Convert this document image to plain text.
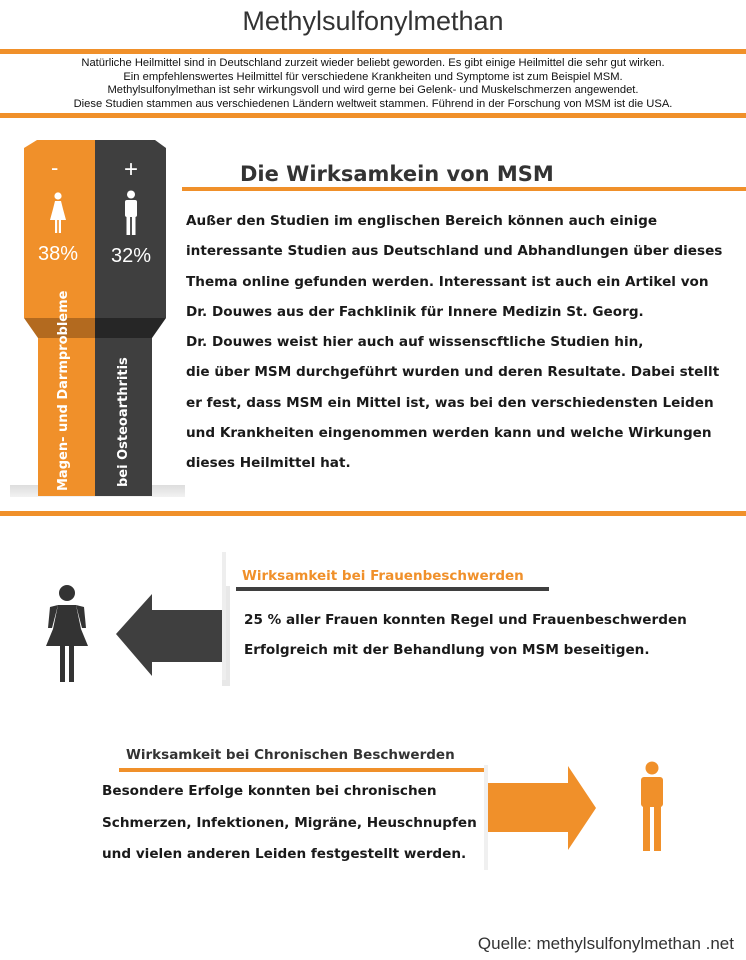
Methylsulfonylmethan
Natürliche Heilmittel sind in Deutschland zurzeit wieder beliebt geworden. Es gibt einige Heilmittel die sehr gut wirken.
Ein empfehlenswertes Heilmittel für verschiedene Krankheiten und Symptome ist zum Beispiel MSM.
Methylsulfonylmethan ist sehr wirkungsvoll und wird gerne bei Gelenk- und Muskelschmerzen angewendet.
Diese Studien stammen aus verschiedenen Ländern weltweit stammen. Führend in der Forschung von MSM ist die USA.
-	+
38% 32%
Magen- und Darmprobleme	bei Osteoarthritis
Die Wirksamkein von MSM
Außer den Studien im englischen Bereich können auch einige
interessante Studien aus Deutschland und Abhandlungen über dieses
Thema online gefunden werden. Interessant ist auch ein Artikel von
Dr. Douwes aus der Fachklinik für Innere Medizin St. Georg.
Dr. Douwes weist hier auch auf wissenscftliche Studien hin,
die über MSM durchgeführt wurden und deren Resultate. Dabei stellt
er fest, dass MSM ein Mittel ist, was bei den verschiedensten Leiden
und Krankheiten eingenommen werden kann und welche Wirkungen
dieses Heilmittel hat.
Wirksamkeit bei Frauenbeschwerden
25 % aller Frauen konnten Regel und Frauenbeschwerden
Erfolgreich mit der Behandlung von MSM beseitigen.
Wirksamkeit bei Chronischen Beschwerden
Besondere Erfolge konnten bei chronischen
Schmerzen, Infektionen, Migräne, Heuschnupfen
und vielen anderen Leiden festgestellt werden.
Quelle: methylsulfonylmethan .net
